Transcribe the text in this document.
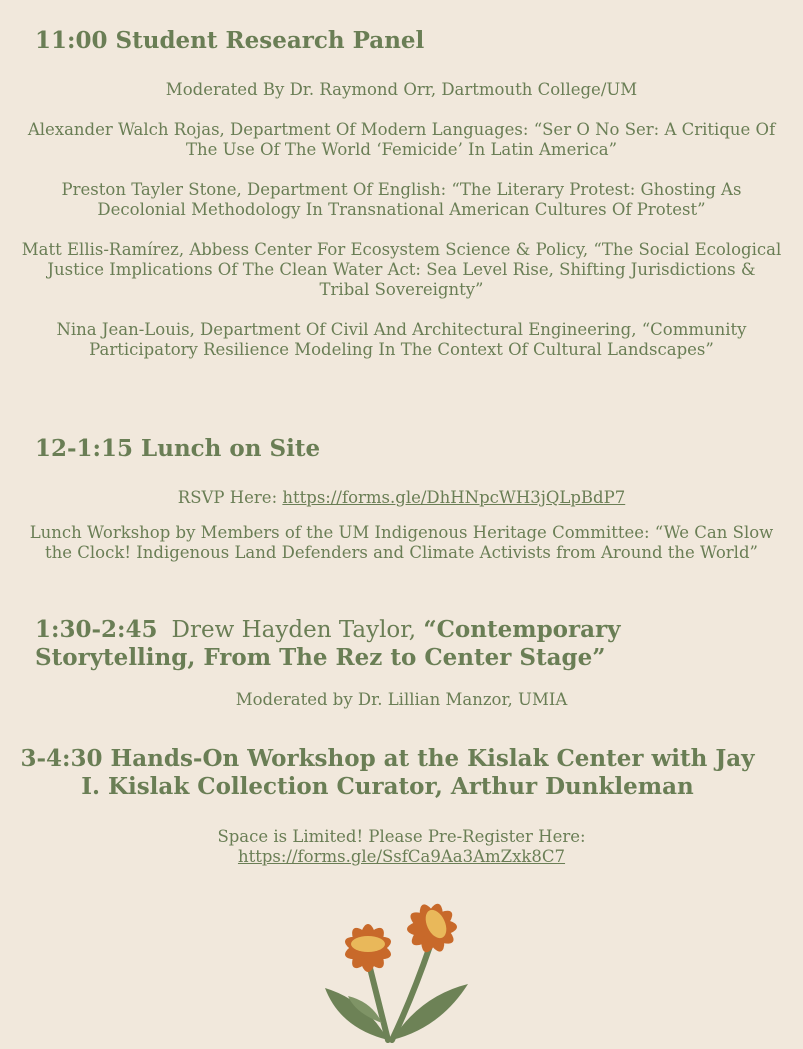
11:00 Student Research Panel

Moderated By Dr. Raymond Orr, Dartmouth College/UM

Alexander Walch Rojas, Department Of Modern Languages: “Ser O No Ser: A Critique Of The Use Of The World ‘Femicide’ In Latin America”

Preston Tayler Stone, Department Of English: “The Literary Protest: Ghosting As Decolonial Methodology In Transnational American Cultures Of Protest”

Matt Ellis-Ramírez, Abbess Center For Ecosystem Science & Policy, “The Social Ecological Justice Implications Of The Clean Water Act: Sea Level Rise, Shifting Jurisdictions & Tribal Sovereignty”

Nina Jean-Louis, Department Of Civil And Architectural Engineering, “Community Participatory Resilience Modeling In The Context Of Cultural Landscapes”

12-1:15 Lunch on Site

RSVP Here: https://forms.gle/DhHNpcWH3jQLpBdP7

Lunch Workshop by Members of the UM Indigenous Heritage Committee: “We Can Slow the Clock! Indigenous Land Defenders and Climate Activists from Around the World”

1:30-2:45 Drew Hayden Taylor, “Contemporary Storytelling, From The Rez to Center Stage”

Moderated by Dr. Lillian Manzor, UMIA

3-4:30 Hands-On Workshop at the Kislak Center with Jay I. Kislak Collection Curator, Arthur Dunkleman

Space is Limited! Please Pre-Register Here:

https://forms.gle/SsfCa9Aa3AmZxk8C7
